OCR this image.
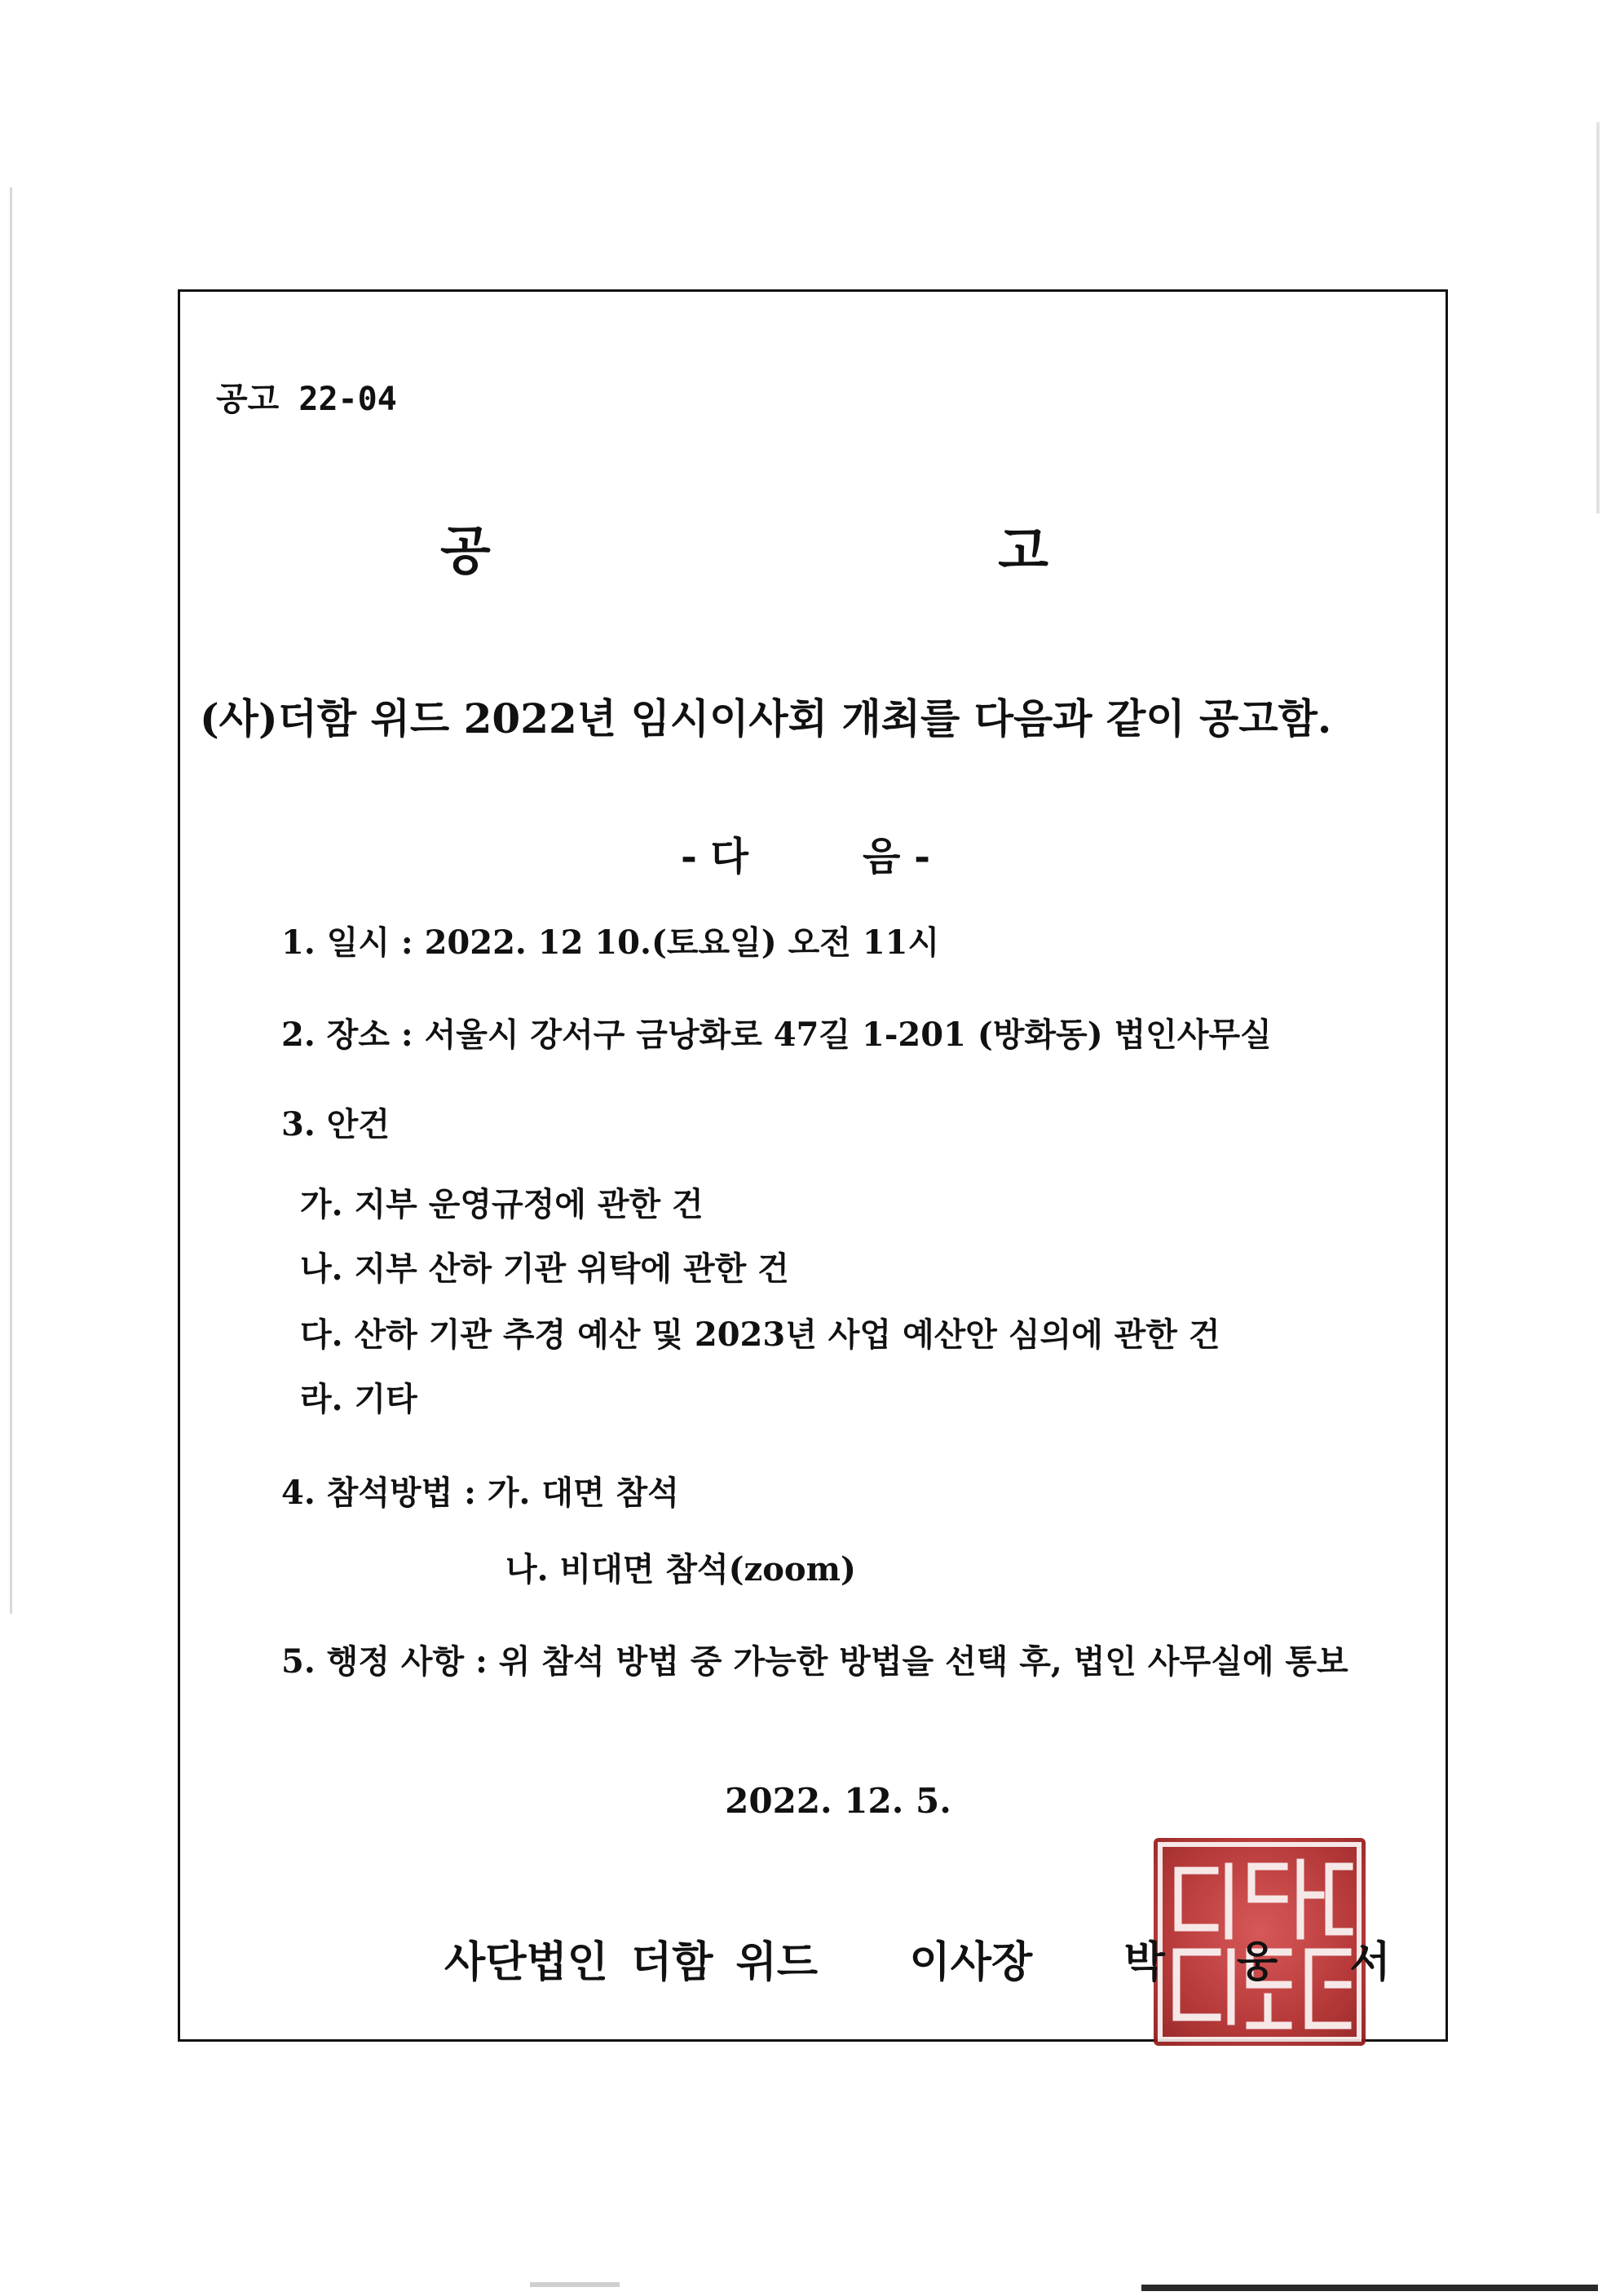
공고 22-04
공 고
(사)더함 위드 2022년 임시이사회 개최를 다음과 같이 공고함.
- 다	음 -
1. 일시 : 2022. 12 10.(토요일) 오전 11시
2. 장소 : 서울시 강서구 금낭화로 47길 1-201 (방화동) 법인사무실
3. 안건
가. 지부 운영규정에 관한 건
나. 지부 산하 기관 위탁에 관한 건
다. 산하 기관 추경 예산 및 2023년 사업 예산안 심의에 관한 건
라. 기타
4. 참석방법 : 가. 대면 참석
나. 비대면 참석(zoom)
5. 행정 사항 : 위 참석 방법 중 가능한 방법을 선택 후, 법인 사무실에 통보
2022. 12. 5.
사단법인 더함 위드 이사장 박 웅 서
